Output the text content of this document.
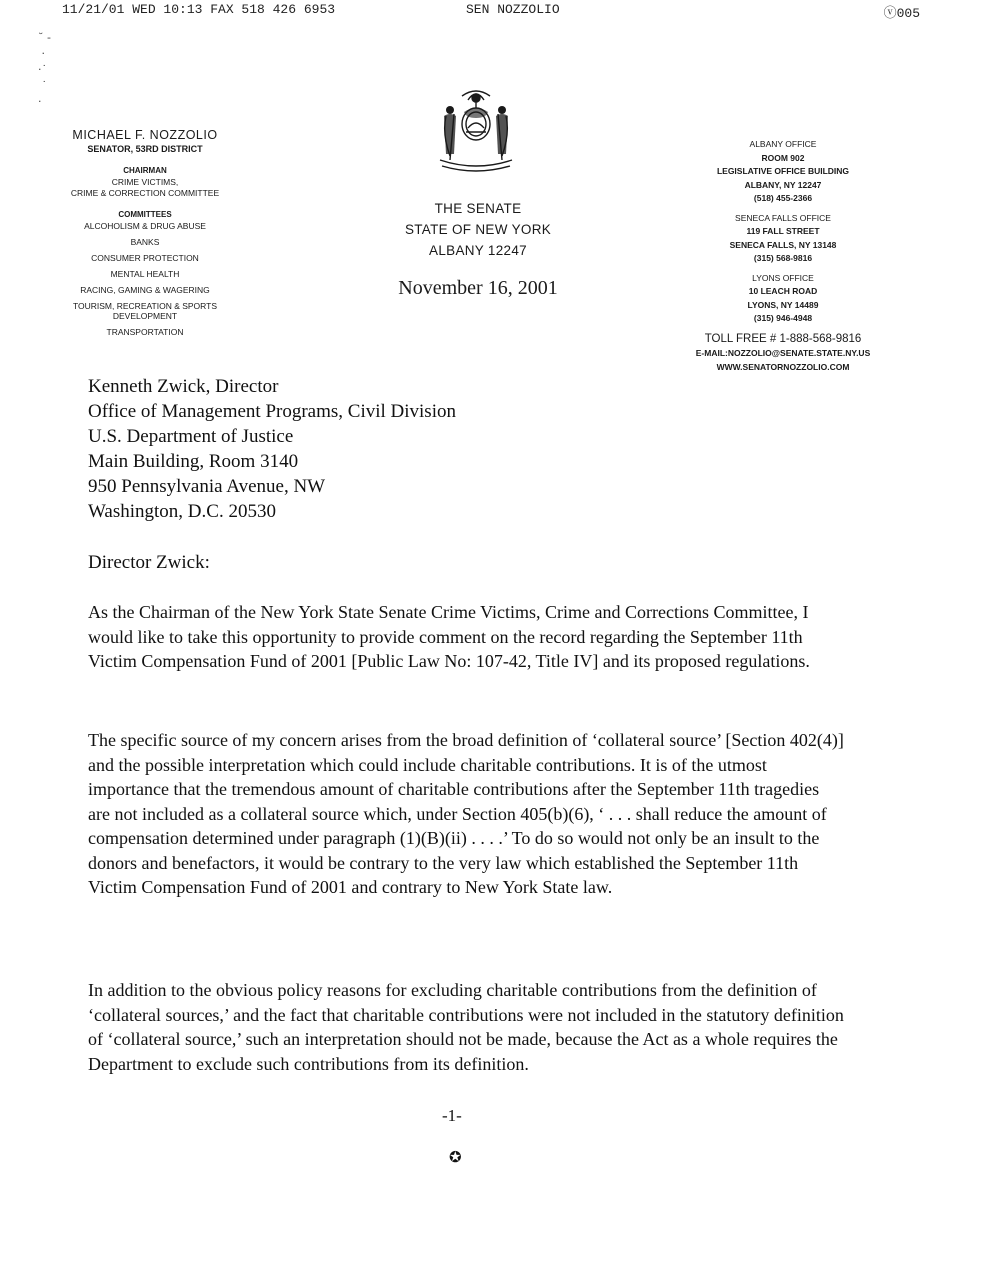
11/21/01 WED 10:13 FAX 518 426 6953	SEN NOZZOLIO	ⓥ005
˘ ‐
·
·˙
˙
·

MICHAEL F. NOZZOLIO

SENATOR, 53RD DISTRICT

CHAIRMAN

CRIME VICTIMS,

CRIME & CORRECTION COMMITTEE

COMMITTEES

ALCOHOLISM & DRUG ABUSE

BANKS

CONSUMER PROTECTION

MENTAL HEALTH

RACING, GAMING & WAGERING

TOURISM, RECREATION & SPORTS DEVELOPMENT

TRANSPORTATION

THE SENATE

STATE OF NEW YORK

ALBANY 12247

November 16, 2001

ALBANY OFFICE

ROOM 902

LEGISLATIVE OFFICE BUILDING

ALBANY, NY 12247

(518) 455-2366

SENECA FALLS OFFICE

119 FALL STREET

SENECA FALLS, NY 13148

(315) 568-9816

LYONS OFFICE

10 LEACH ROAD

LYONS, NY 14489

(315) 946-4948

TOLL FREE # 1-888-568-9816

E-MAIL:NOZZOLIO@SENATE.STATE.NY.US

WWW.SENATORNOZZOLIO.COM

Kenneth Zwick, Director

Office of Management Programs, Civil Division

U.S. Department of Justice

Main Building, Room 3140

950 Pennsylvania Avenue, NW

Washington, D.C. 20530

Director Zwick:

As the Chairman of the New York State Senate Crime Victims, Crime and Corrections Committee, I would like to take this opportunity to provide comment on the record regarding the September 11th Victim Compensation Fund of 2001 [Public Law No: 107-42, Title IV] and its proposed regulations.

The specific source of my concern arises from the broad definition of ‘collateral source’ [Section 402(4)] and the possible interpretation which could include charitable contributions. It is of the utmost importance that the tremendous amount of charitable contributions after the September 11th tragedies are not included as a collateral source which, under Section 405(b)(6), ‘ . . . shall reduce the amount of compensation determined under paragraph (1)(B)(ii) . . . .’ To do so would not only be an insult to the donors and benefactors, it would be contrary to the very law which established the September 11th Victim Compensation Fund of 2001 and contrary to New York State law.

In addition to the obvious policy reasons for excluding charitable contributions from the definition of ‘collateral sources,’ and the fact that charitable contributions were not included in the statutory definition of ‘collateral source,’ such an interpretation should not be made, because the Act as a whole requires the Department to exclude such contributions from its definition.

-1-

✪
